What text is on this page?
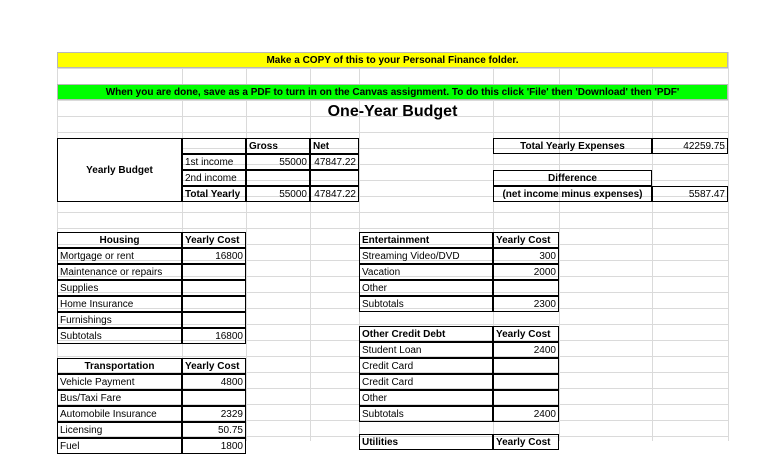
Make a COPY of this to your Personal Finance folder.
When you are done, save as a PDF to turn in on the Canvas assignment. To do this click 'File' then 'Download' then 'PDF'
One-Year Budget
Yearly Budget
Gross	Net
1st income	55000 47847.22
2nd income
Total Yearly	55000 47847.22
Total Yearly Expenses	42259.75
Difference
(net income minus expenses)	5587.47
Housing	Yearly Cost
Mortgage or rent	16800
Maintenance or repairs
Supplies
Home Insurance
Furnishings
Subtotals	16800
Transportation	Yearly Cost
Vehicle Payment	4800
Bus/Taxi Fare
Automobile Insurance	2329
Licensing	50.75
Fuel	1800
Entertainment	Yearly Cost
Streaming Video/DVD	300
Vacation	2000
Other
Subtotals	2300
Other Credit Debt	Yearly Cost
Student Loan	2400
Credit Card
Credit Card
Other
Subtotals	2400
Utilities	Yearly Cost
